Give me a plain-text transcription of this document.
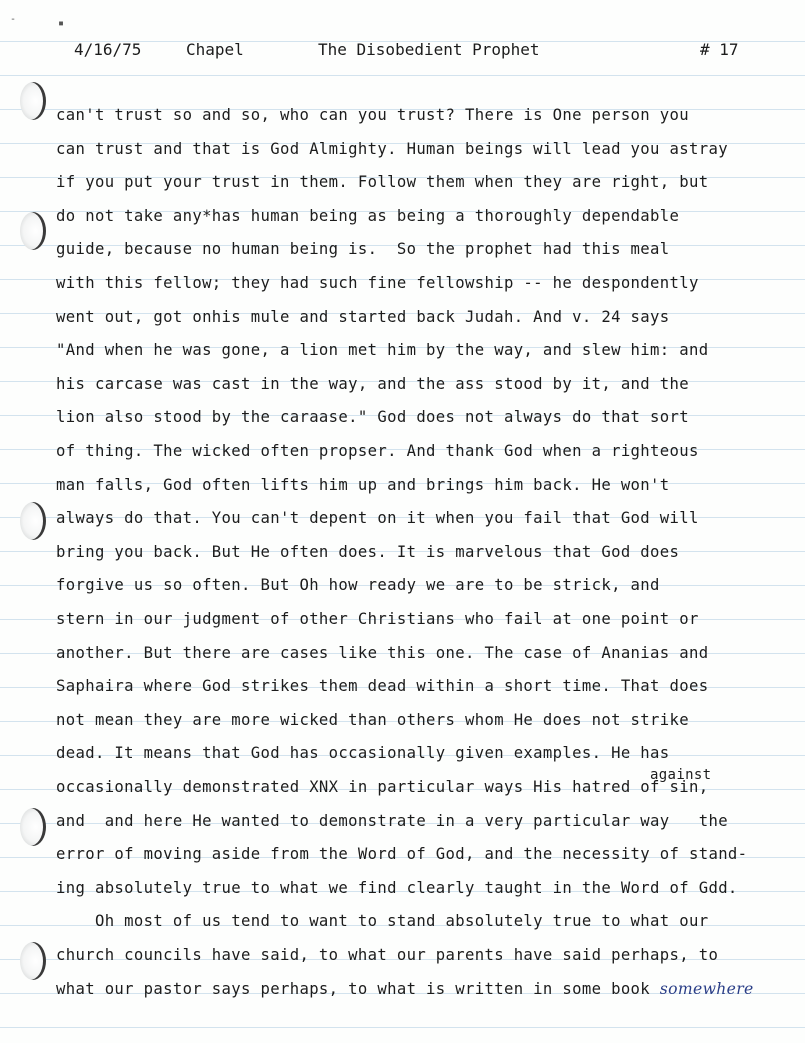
-	▪
4/16/75	Chapel	The Disobedient Prophet	# 17
can't trust so and so, who can you trust? There is One person you
can trust and that is God Almighty. Human beings will lead you astray
if you put your trust in them. Follow them when they are right, but
do not take any*has human being as being a thoroughly dependable
guide, because no human being is.  So the prophet had this meal
with this fellow; they had such fine fellowship -- he despondently
went out, got onhis mule and started back Judah. And v. 24 says
"And when he was gone, a lion met him by the way, and slew him: and
his carcase was cast in the way, and the ass stood by it, and the
lion also stood by the caraase." God does not always do that sort
of thing. The wicked often propser. And thank God when a righteous
man falls, God often lifts him up and brings him back. He won't
always do that. You can't depent on it when you fail that God will
bring you back. But He often does. It is marvelous that God does
forgive us so often. But Oh how ready we are to be strick, and
stern in our judgment of other Christians who fail at one point or
another. But there are cases like this one. The case of Ananias and
Saphaira where God strikes them dead within a short time. That does
not mean they are more wicked than others whom He does not strike
dead. It means that God has occasionally given examples. He has
against
occasionally demonstrated XNX in particular ways His hatred of sin,
and  and here He wanted to demonstrate in a very particular way   the
error of moving aside from the Word of God, and the necessity of stand-
ing absolutely true to what we find clearly taught in the Word of Gdd.
Oh most of us tend to want to stand absolutely true to what our
church councils have said, to what our parents have said perhaps, to
what our pastor says perhaps, to what is written in some book somewhere
